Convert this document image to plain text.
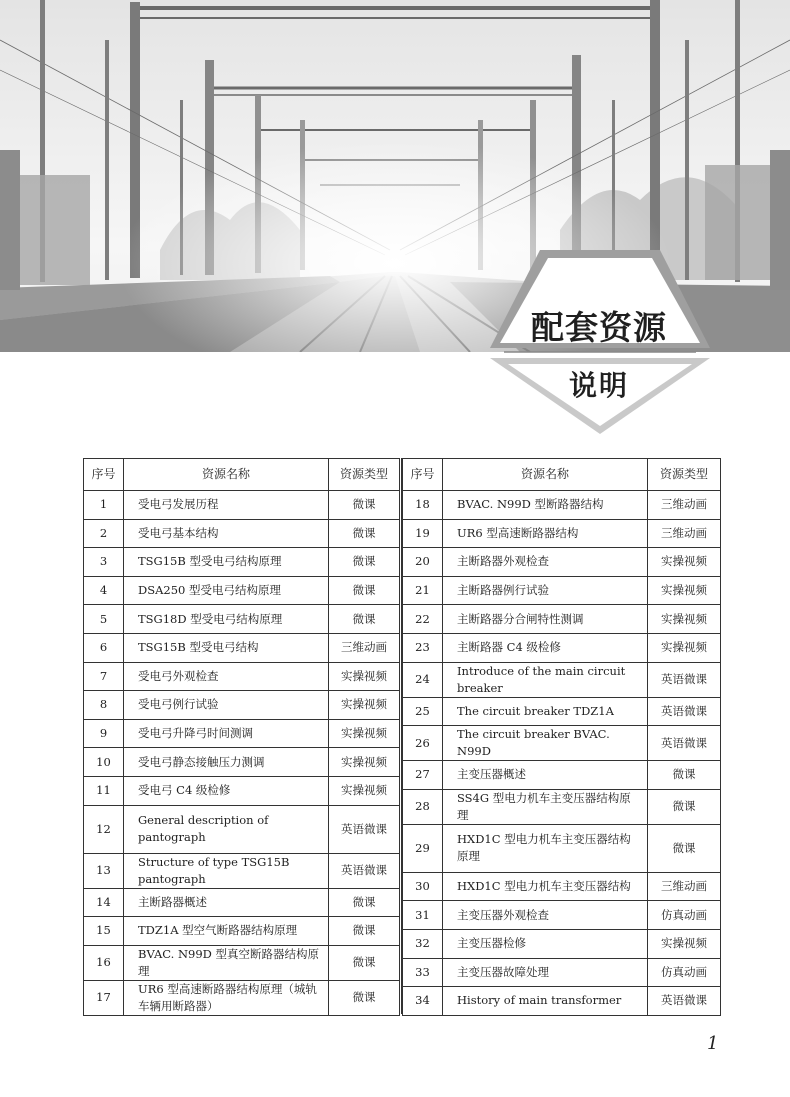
配套资源
说明
序号	资源名称	资源类型
1	受电弓发展历程	微课
2	受电弓基本结构	微课
3	TSG15B 型受电弓结构原理	微课
4	DSA250 型受电弓结构原理	微课
5	TSG18D 型受电弓结构原理	微课
6	TSG15B 型受电弓结构	三维动画
7	受电弓外观检查	实操视频
8	受电弓例行试验	实操视频
9	受电弓升降弓时间测调	实操视频
10	受电弓静态接触压力测调	实操视频
11	受电弓 C4 级检修	实操视频
12	General description of pantograph	英语微课
13	Structure of type TSG15B pantograph	英语微课
14	主断路器概述	微课
15	TDZ1A 型空气断路器结构原理	微课
16	BVAC. N99D 型真空断路器结构原理	微课
17	UR6 型高速断路器结构原理（城轨车辆用断路器）	微课
序号	资源名称	资源类型
18	BVAC. N99D 型断路器结构	三维动画
19	UR6 型高速断路器结构	三维动画
20	主断路器外观检查	实操视频
21	主断路器例行试验	实操视频
22	主断路器分合闸特性测调	实操视频
23	主断路器 C4 级检修	实操视频
24	Introduce of the main circuit breaker	英语微课
25	The circuit breaker TDZ1A	英语微课
26	The circuit breaker BVAC. N99D	英语微课
27	主变压器概述	微课
28	SS4G 型电力机车主变压器结构原理	微课
29	HXD1C 型电力机车主变压器结构原理	微课
30	HXD1C 型电力机车主变压器结构	三维动画
31	主变压器外观检查	仿真动画
32	主变压器检修	实操视频
33	主变压器故障处理	仿真动画
34	History of main transformer	英语微课
1
